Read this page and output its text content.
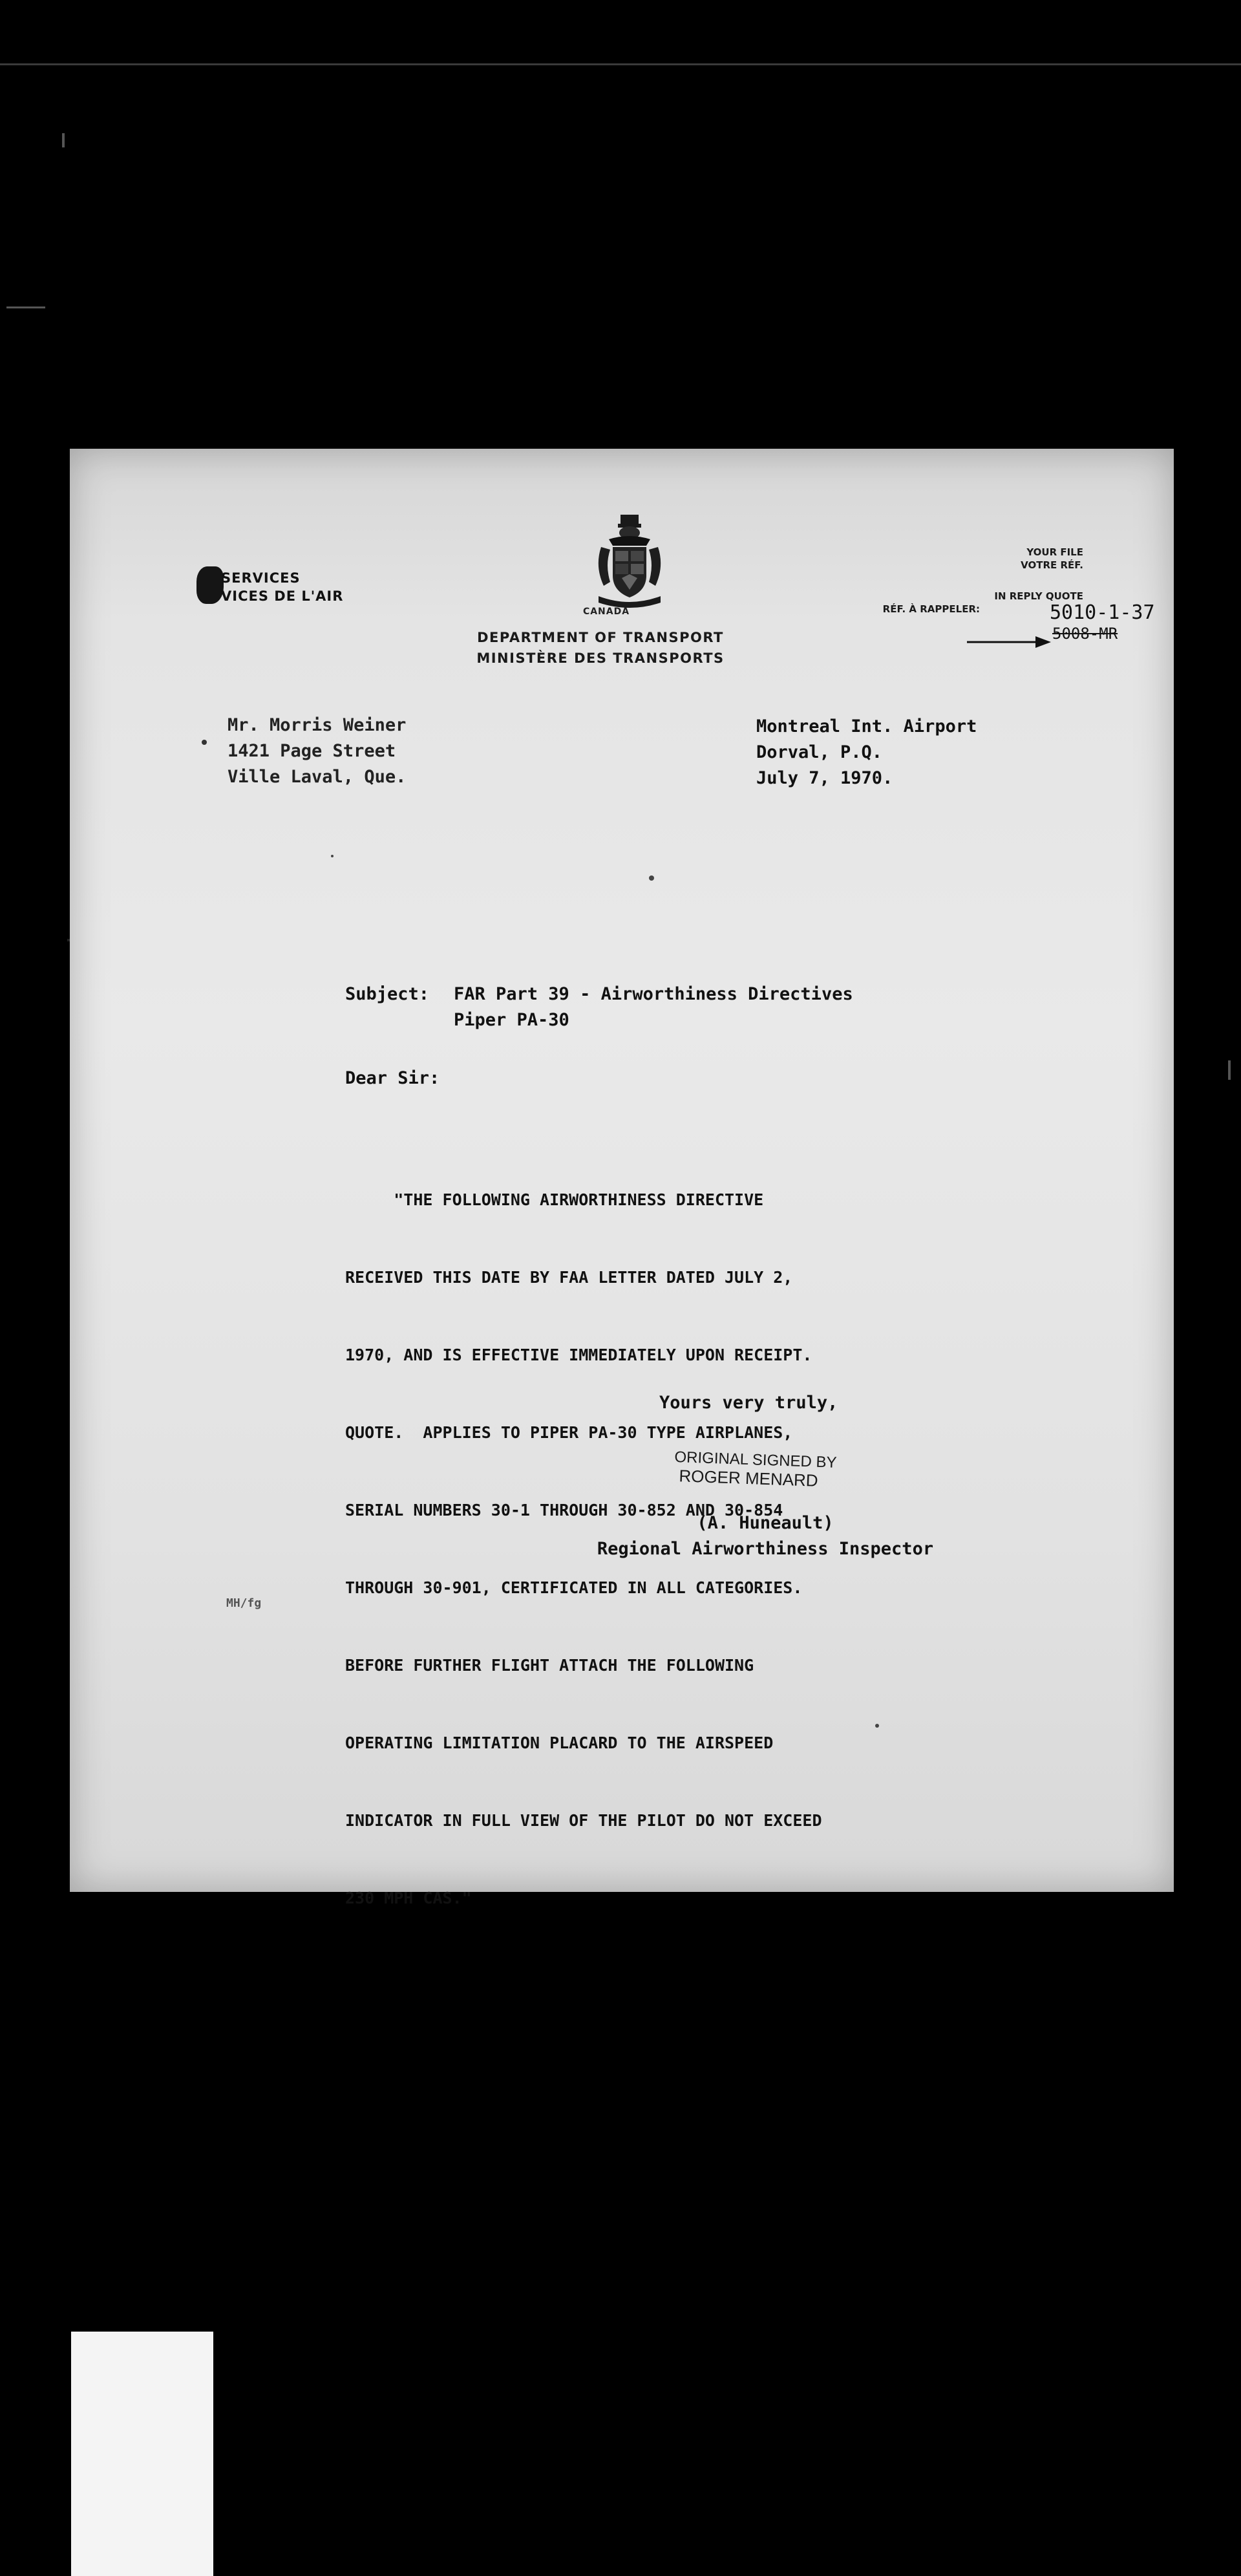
SERVICES
VICES DE L'AIR
CANADA
DEPARTMENT OF TRANSPORT
MINISTÈRE DES TRANSPORTS
YOUR FILE
VOTRE RÉF.
IN REPLY QUOTE
RÉF. À RAPPELER:	5010-1-37
5008-MR
Mr. Morris Weiner
1421 Page Street
Ville Laval, Que.
Montreal Int. Airport
Dorval, P.Q.
July 7, 1970.
Subject: FAR Part 39 - Airworthiness Directives
Piper PA-30
Dear Sir:

"THE FOLLOWING AIRWORTHINESS DIRECTIVE

RECEIVED THIS DATE BY FAA LETTER DATED JULY 2,

1970, AND IS EFFECTIVE IMMEDIATELY UPON RECEIPT.

QUOTE.  APPLIES TO PIPER PA-30 TYPE AIRPLANES,

SERIAL NUMBERS 30-1 THROUGH 30-852 AND 30-854

THROUGH 30-901, CERTIFICATED IN ALL CATEGORIES.

BEFORE FURTHER FLIGHT ATTACH THE FOLLOWING

OPERATING LIMITATION PLACARD TO THE AIRSPEED

INDICATOR IN FULL VIEW OF THE PILOT DO NOT EXCEED

230 MPH CAS."

Yours very truly,
ORIGINAL SIGNED BY
ROGER MENARD
(A. Huneault)
Regional Airworthiness Inspector
MH/fg
